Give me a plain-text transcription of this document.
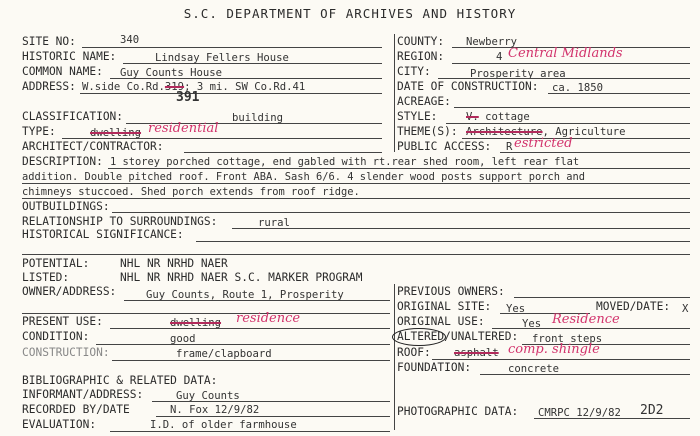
S.C. DEPARTMENT OF ARCHIVES AND HISTORY
SITE NO:	340
HISTORIC NAME:	Lindsay Fellers House
COMMON NAME: Guy Counts House
ADDRESS: W.side Co.Rd.319; 3 mi. SW Co.Rd.41
391
CLASSIFICATION:	building
TYPE:	dwelling residential
ARCHITECT/CONTRACTOR:
COUNTY: Newberry
REGION:	4 Central Midlands
CITY:	Prosperity area
DATE OF CONSTRUCTION: ca. 1850
ACREAGE:
STYLE:	V. cottage
THEME(S): Architecture, Agriculture
PUBLIC ACCESS: R estricted
DESCRIPTION: 1 storey porched cottage, end gabled with rt.rear shed room, left rear flat
addition. Double pitched roof. Front ABA. Sash 6/6. 4 slender wood posts support porch and
chimneys stuccoed. Shed porch extends from roof ridge.
OUTBUILDINGS:
RELATIONSHIP TO SURROUNDINGS:	rural
HISTORICAL SIGNIFICANCE:
POTENTIAL:	NHL NR NRHD NAER
LISTED:	NHL NR NRHD NAER S.C. MARKER PROGRAM
OWNER/ADDRESS:	Guy Counts, Route 1, Prosperity
PRESENT USE:	dwelling residence
CONDITION:	good
CONSTRUCTION:	frame/clapboard
BIBLIOGRAPHIC & RELATED DATA:
INFORMANT/ADDRESS:	Guy Counts
RECORDED BY/DATE	N. Fox 12/9/82
EVALUATION:	I.D. of older farmhouse
PREVIOUS OWNERS:
ORIGINAL SITE: Yes	MOVED/DATE: X
ORIGINAL USE:	Yes Residence
ALTERED/UNALTERED: front steps
ROOF: asphalt comp. shingle
FOUNDATION:	concrete
PHOTOGRAPHIC DATA: CMRPC 12/9/82 2D2
